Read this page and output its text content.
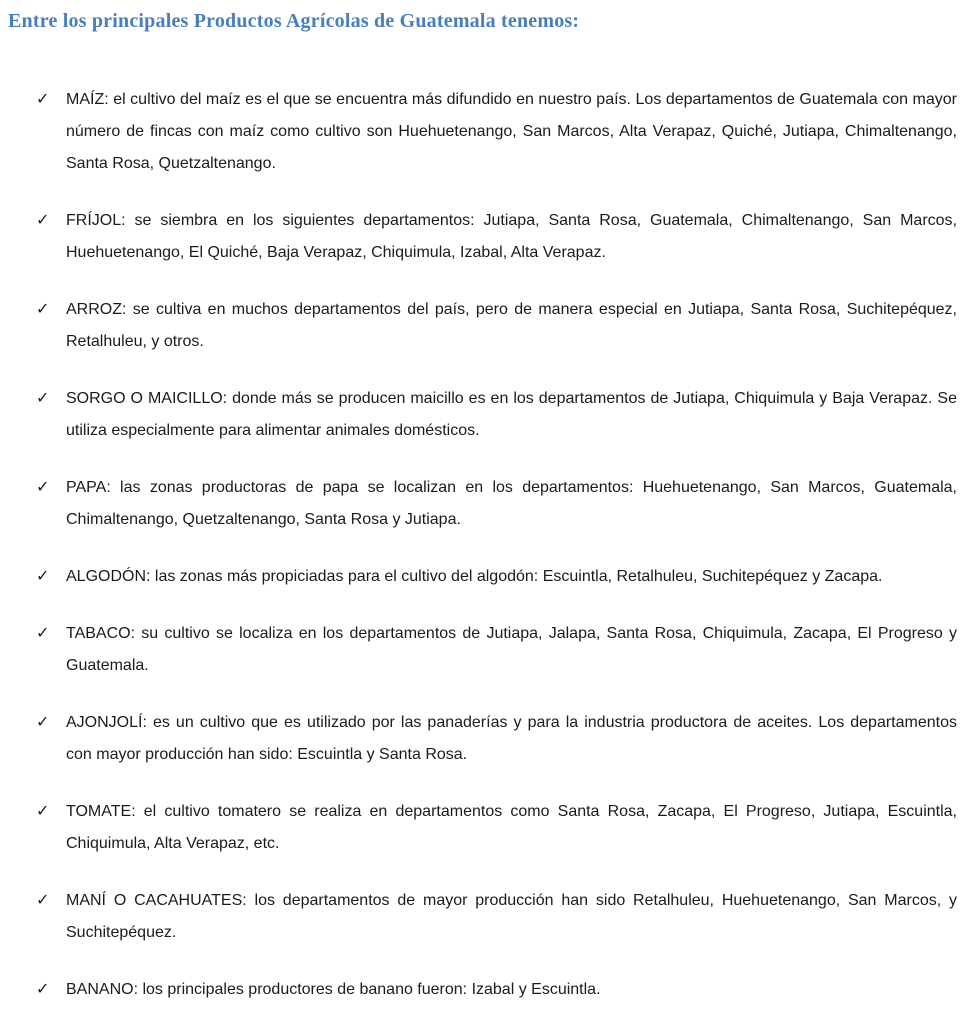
Entre los principales Productos Agrícolas de Guatemala tenemos:
✓	MAÍZ: el cultivo del maíz es el que se encuentra más difundido en nuestro país. Los departamentos de Guatemala con mayor número de fincas con maíz como cultivo son Huehuetenango, San Marcos, Alta Verapaz, Quiché, Jutiapa, Chimaltenango, Santa Rosa, Quetzaltenango.
✓	FRÍJOL: se siembra en los siguientes departamentos: Jutiapa, Santa Rosa, Guatemala, Chimaltenango, San Marcos, Huehuetenango, El Quiché, Baja Verapaz, Chiquimula, Izabal, Alta Verapaz.
✓	ARROZ: se cultiva en muchos departamentos del país, pero de manera especial en Jutiapa, Santa Rosa, Suchitepéquez, Retalhuleu, y otros.
✓	SORGO O MAICILLO: donde más se producen maicillo es en los departamentos de Jutiapa, Chiquimula y Baja Verapaz. Se utiliza especialmente para alimentar animales domésticos.
✓	PAPA: las zonas productoras de papa se localizan en los departamentos: Huehuetenango, San Marcos, Guatemala, Chimaltenango, Quetzaltenango, Santa Rosa y Jutiapa.
✓	ALGODÓN: las zonas más propiciadas para el cultivo del algodón: Escuintla, Retalhuleu, Suchitepéquez y Zacapa.
✓	TABACO: su cultivo se localiza en los departamentos de Jutiapa, Jalapa, Santa Rosa, Chiquimula, Zacapa, El Progreso y Guatemala.
✓	AJONJOLÍ: es un cultivo que es utilizado por las panaderías y para la industria productora de aceites. Los departamentos con mayor producción han sido: Escuintla y Santa Rosa.
✓	TOMATE: el cultivo tomatero se realiza en departamentos como Santa Rosa, Zacapa, El Progreso, Jutiapa, Escuintla, Chiquimula, Alta Verapaz, etc.
✓	MANÍ O CACAHUATES: los departamentos de mayor producción han sido Retalhuleu, Huehuetenango, San Marcos, y Suchitepéquez.
✓	BANANO: los principales productores de banano fueron: Izabal y Escuintla.
